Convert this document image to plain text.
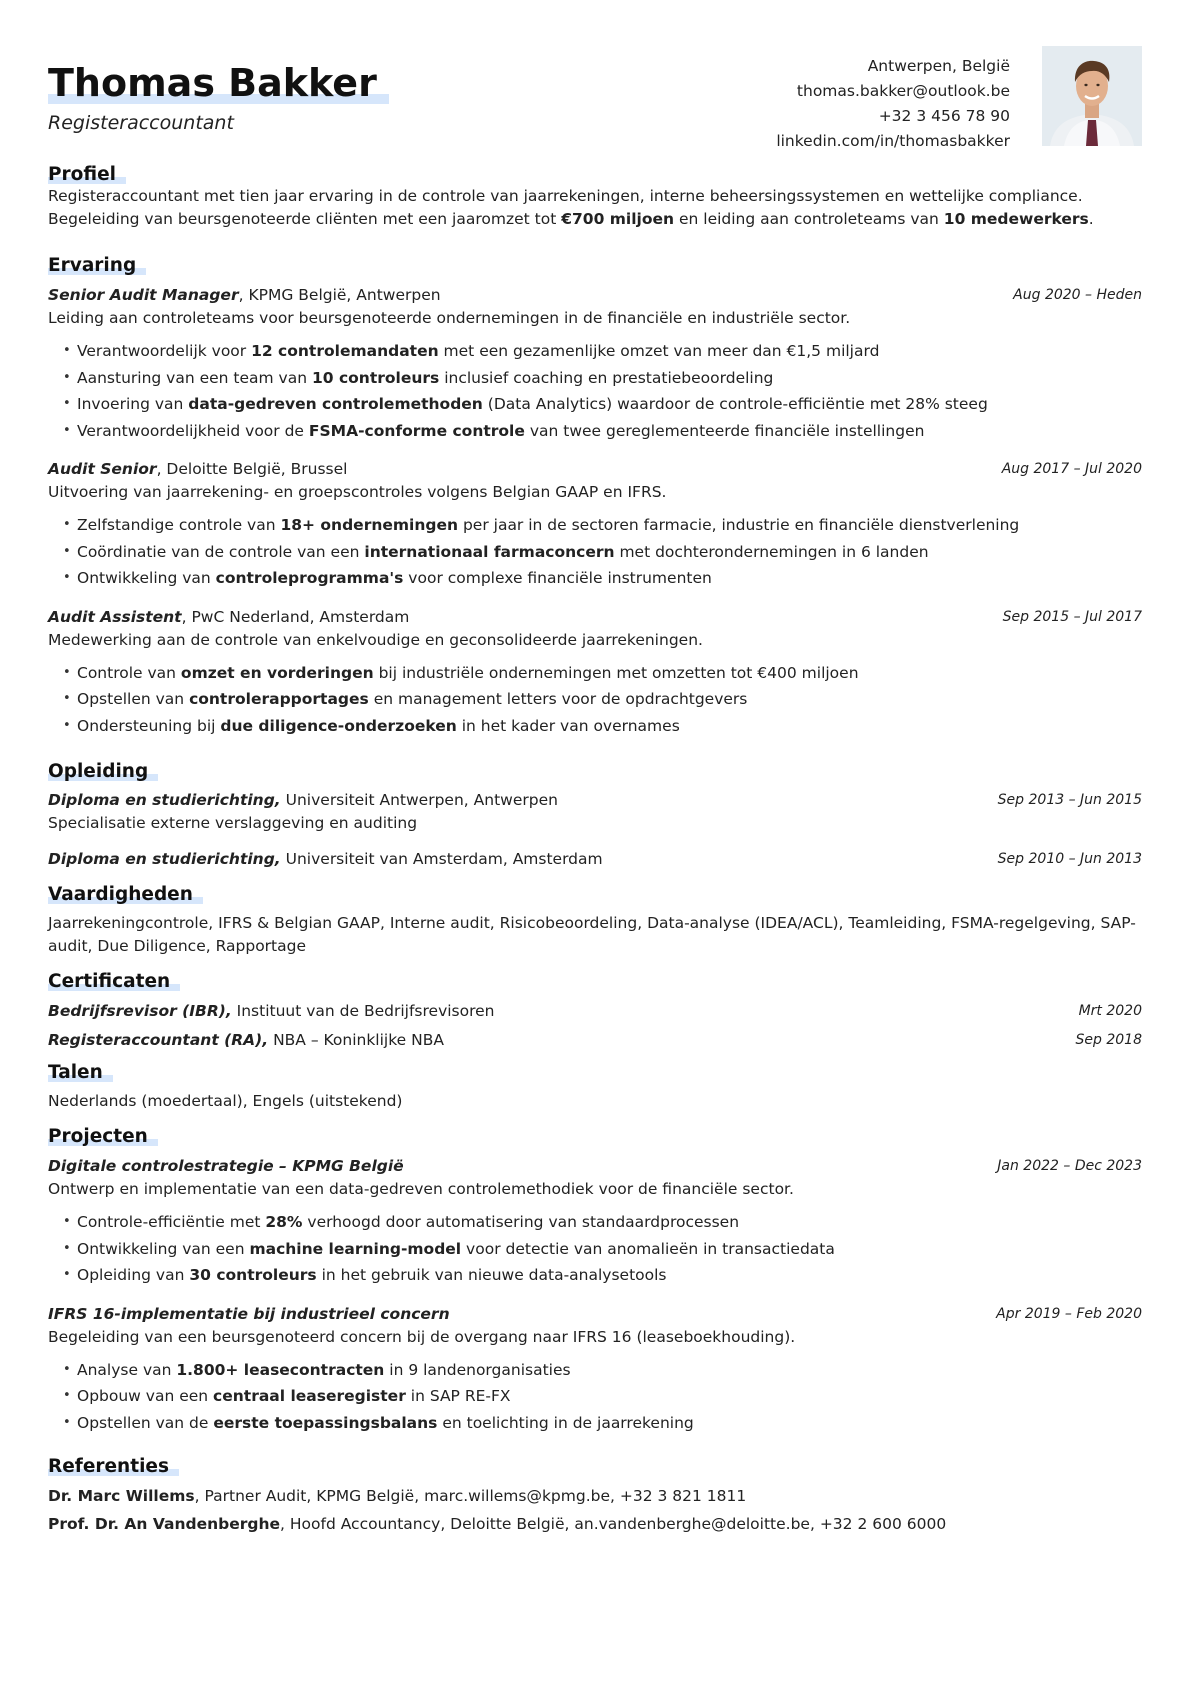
Thomas Bakker
Registeraccountant
Antwerpen, België
thomas.bakker@outlook.be
+32 3 456 78 90
linkedin.com/in/thomasbakker
Profiel
Registeraccountant met tien jaar ervaring in de controle van jaarrekeningen, interne beheersingssystemen en wettelijke compliance. Begeleiding van beursgenoteerde cliënten met een jaaromzet tot €700 miljoen en leiding aan controleteams van 10 medewerkers.
Ervaring
Senior Audit Manager, KPMG België, Antwerpen	Aug 2020 – Heden
Leiding aan controleteams voor beursgenoteerde ondernemingen in de financiële en industriële sector.
• Verantwoordelijk voor 12 controlemandaten met een gezamenlijke omzet van meer dan €1,5 miljard
• Aansturing van een team van 10 controleurs inclusief coaching en prestatiebeoordeling
• Invoering van data-gedreven controlemethoden (Data Analytics) waardoor de controle-efficiëntie met 28% steeg
• Verantwoordelijkheid voor de FSMA-conforme controle van twee gereglementeerde financiële instellingen
Audit Senior, Deloitte België, Brussel	Aug 2017 – Jul 2020
Uitvoering van jaarrekening- en groepscontroles volgens Belgian GAAP en IFRS.
• Zelfstandige controle van 18+ ondernemingen per jaar in de sectoren farmacie, industrie en financiële dienstverlening
• Coördinatie van de controle van een internationaal farmaconcern met dochterondernemingen in 6 landen
• Ontwikkeling van controleprogramma's voor complexe financiële instrumenten
Audit Assistent, PwC Nederland, Amsterdam	Sep 2015 – Jul 2017
Medewerking aan de controle van enkelvoudige en geconsolideerde jaarrekeningen.
• Controle van omzet en vorderingen bij industriële ondernemingen met omzetten tot €400 miljoen
• Opstellen van controlerapportages en management letters voor de opdrachtgevers
• Ondersteuning bij due diligence-onderzoeken in het kader van overnames
Opleiding
Diploma en studierichting, Universiteit Antwerpen, Antwerpen	Sep 2013 – Jun 2015
Specialisatie externe verslaggeving en auditing
Diploma en studierichting, Universiteit van Amsterdam, Amsterdam	Sep 2010 – Jun 2013
Vaardigheden
Jaarrekeningcontrole, IFRS & Belgian GAAP, Interne audit, Risicobeoordeling, Data-analyse (IDEA/ACL), Teamleiding, FSMA-regelgeving, SAP-audit, Due Diligence, Rapportage
Certificaten
Bedrijfsrevisor (IBR), Instituut van de Bedrijfsrevisoren	Mrt 2020
Registeraccountant (RA), NBA – Koninklijke NBA	Sep 2018
Talen
Nederlands (moedertaal), Engels (uitstekend)
Projecten
Digitale controlestrategie – KPMG België	Jan 2022 – Dec 2023
Ontwerp en implementatie van een data-gedreven controlemethodiek voor de financiële sector.
• Controle-efficiëntie met 28% verhoogd door automatisering van standaardprocessen
• Ontwikkeling van een machine learning-model voor detectie van anomalieën in transactiedata
• Opleiding van 30 controleurs in het gebruik van nieuwe data-analysetools
IFRS 16-implementatie bij industrieel concern	Apr 2019 – Feb 2020
Begeleiding van een beursgenoteerd concern bij de overgang naar IFRS 16 (leaseboekhouding).
• Analyse van 1.800+ leasecontracten in 9 landenorganisaties
• Opbouw van een centraal leaseregister in SAP RE-FX
• Opstellen van de eerste toepassingsbalans en toelichting in de jaarrekening
Referenties
Dr. Marc Willems, Partner Audit, KPMG België, marc.willems@kpmg.be, +32 3 821 1811
Prof. Dr. An Vandenberghe, Hoofd Accountancy, Deloitte België, an.vandenberghe@deloitte.be, +32 2 600 6000
